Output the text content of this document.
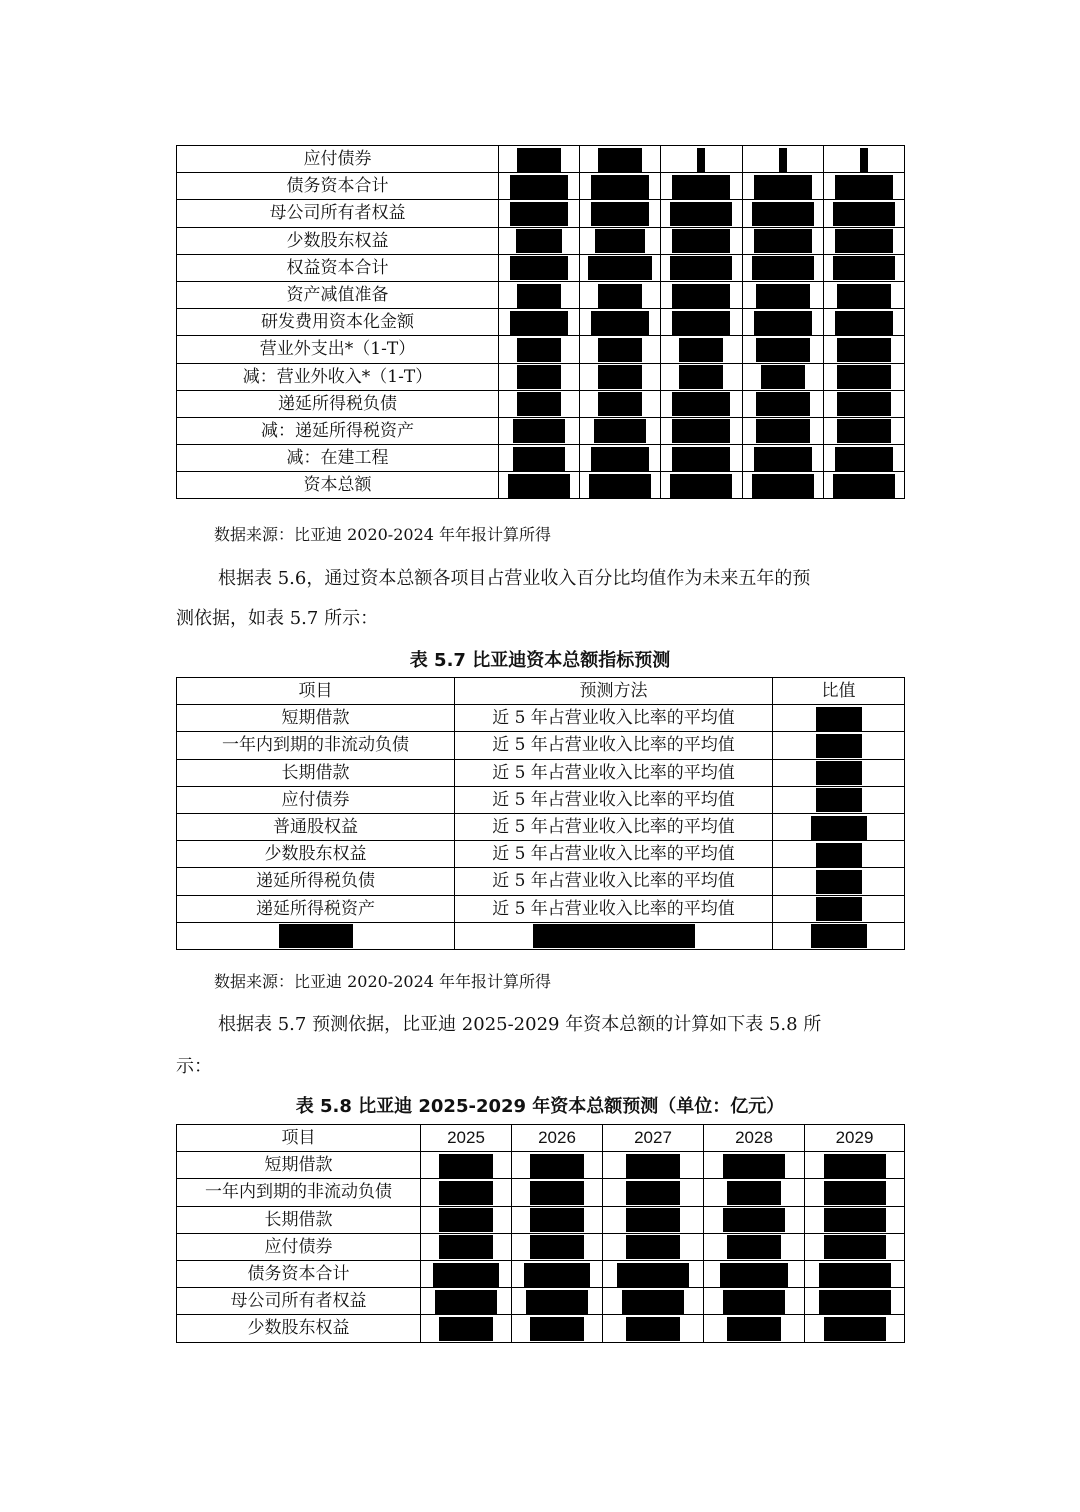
应付债券					
债务资本合计					
母公司所有者权益					
少数股东权益					
权益资本合计					
资产减值准备					
研发费用资本化金额					
营业外支出*（1-T）					
减：营业外收入*（1-T）					
递延所得税负债					
减：递延所得税资产					
减：在建工程					
资本总额					
数据来源：比亚迪 2020-2024 年年报计算所得
根据表 5.6，通过资本总额各项目占营业收入百分比均值作为未来五年的预
测依据，如表 5.7 所示：
表 5.7 比亚迪资本总额指标预测
项目	预测方法	比值
短期借款	近 5 年占营业收入比率的平均值	
一年内到期的非流动负债	近 5 年占营业收入比率的平均值	
长期借款	近 5 年占营业收入比率的平均值	
应付债券	近 5 年占营业收入比率的平均值	
普通股权益	近 5 年占营业收入比率的平均值	
少数股东权益	近 5 年占营业收入比率的平均值	
递延所得税负债	近 5 年占营业收入比率的平均值	
递延所得税资产	近 5 年占营业收入比率的平均值	

数据来源：比亚迪 2020-2024 年年报计算所得
根据表 5.7 预测依据，比亚迪 2025-2029 年资本总额的计算如下表 5.8 所
示：
表 5.8 比亚迪 2025-2029 年资本总额预测（单位：亿元）
项目	2025	2026	2027	2028	2029
短期借款					
一年内到期的非流动负债					
长期借款					
应付债券					
债务资本合计					
母公司所有者权益					
少数股东权益					
